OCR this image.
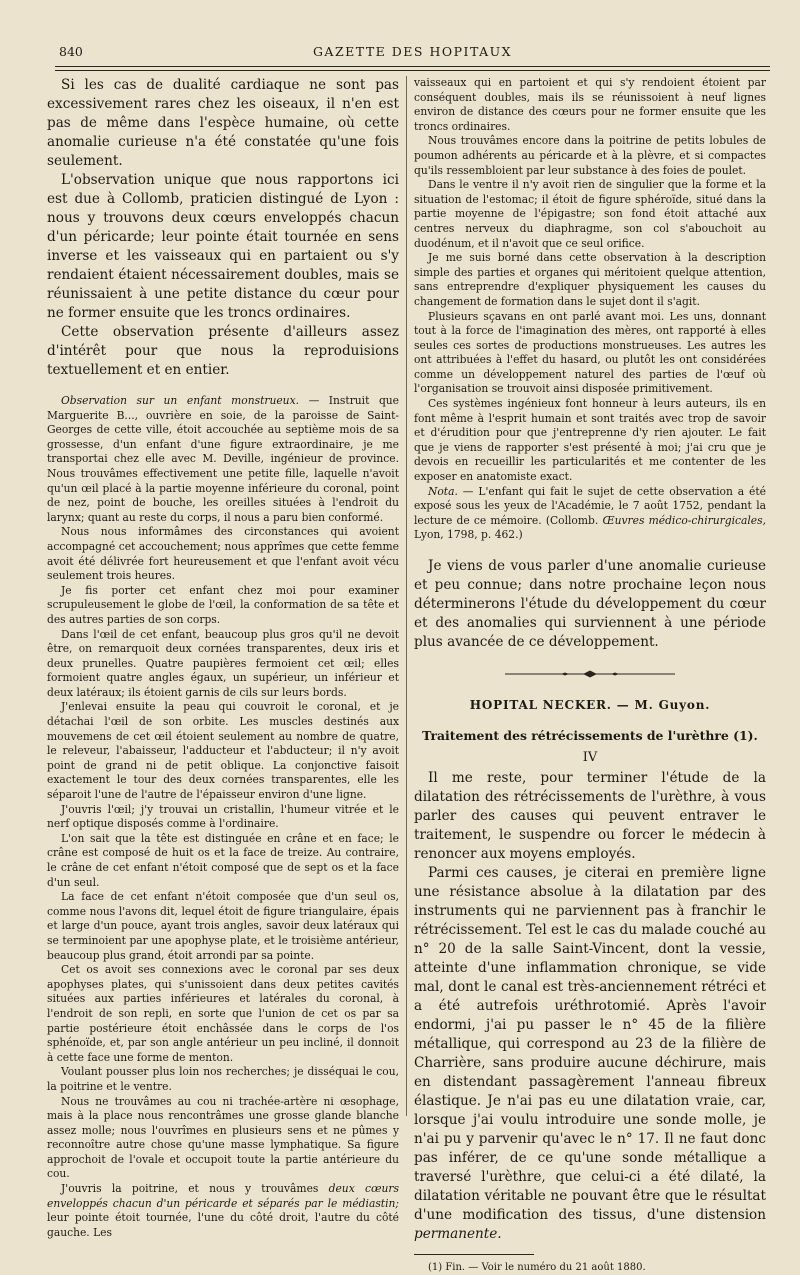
840	GAZETTE DES HOPITAUX

Si les cas de dualité cardiaque ne sont pas excessivement rares chez les oiseaux, il n'en est pas de même dans l'espèce humaine, où cette anomalie curieuse n'a été constatée qu'une fois seulement.

L'observation unique que nous rapportons ici est due à Collomb, praticien distingué de Lyon : nous y trouvons deux cœurs enveloppés chacun d'un péricarde; leur pointe était tournée en sens inverse et les vaisseaux qui en partaient ou s'y rendaient étaient nécessairement doubles, mais se réunissaient à une petite distance du cœur pour ne former ensuite que les troncs ordinaires.

Cette observation présente d'ailleurs assez d'intérêt pour que nous la reproduisions textuellement et en entier.

Observation sur un enfant monstrueux. — Instruit que Marguerite B..., ouvrière en soie, de la paroisse de Saint-Georges de cette ville, étoit accouchée au septième mois de sa grossesse, d'un enfant d'une figure extraordinaire, je me transportai chez elle avec M. Deville, ingénieur de province. Nous trouvâmes effectivement une petite fille, laquelle n'avoit qu'un œil placé à la partie moyenne inférieure du coronal, point de nez, point de bouche, les oreilles situées à l'endroit du larynx; quant au reste du corps, il nous a paru bien conformé.

Nous nous informâmes des circonstances qui avoient accompagné cet accouchement; nous apprîmes que cette femme avoit été délivrée fort heureusement et que l'enfant avoit vécu seulement trois heures.

Je fis porter cet enfant chez moi pour examiner scrupuleusement le globe de l'œil, la conformation de sa tête et des autres parties de son corps.

Dans l'œil de cet enfant, beaucoup plus gros qu'il ne devoit être, on remarquoit deux cornées transparentes, deux iris et deux prunelles. Quatre paupières fermoient cet œil; elles formoient quatre angles égaux, un supérieur, un inférieur et deux latéraux; ils étoient garnis de cils sur leurs bords.

J'enlevai ensuite la peau qui couvroit le coronal, et je détachai l'œil de son orbite. Les muscles destinés aux mouvemens de cet œil étoient seulement au nombre de quatre, le releveur, l'abaisseur, l'adducteur et l'abducteur; il n'y avoit point de grand ni de petit oblique. La conjonctive faisoit exactement le tour des deux cornées transparentes, elle les séparoit l'une de l'autre de l'épaisseur environ d'une ligne.

J'ouvris l'œil; j'y trouvai un cristallin, l'humeur vitrée et le nerf optique disposés comme à l'ordinaire.

L'on sait que la tête est distinguée en crâne et en face; le crâne est composé de huit os et la face de treize. Au contraire, le crâne de cet enfant n'étoit composé que de sept os et la face d'un seul.

La face de cet enfant n'étoit composée que d'un seul os, comme nous l'avons dit, lequel étoit de figure triangulaire, épais et large d'un pouce, ayant trois angles, savoir deux latéraux qui se terminoient par une apophyse plate, et le troisième antérieur, beaucoup plus grand, étoit arrondi par sa pointe.

Cet os avoit ses connexions avec le coronal par ses deux apophyses plates, qui s'unissoient dans deux petites cavités situées aux parties inférieures et latérales du coronal, à l'endroit de son repli, en sorte que l'union de cet os par sa partie postérieure étoit enchâssée dans le corps de l'os sphénoïde, et, par son angle antérieur un peu incliné, il donnoit à cette face une forme de menton.

Voulant pousser plus loin nos recherches; je disséquai le cou, la poitrine et le ventre.

Nous ne trouvâmes au cou ni trachée-artère ni œsophage, mais à la place nous rencontrâmes une grosse glande blanche assez molle; nous l'ouvrîmes en plusieurs sens et ne pûmes y reconnoître autre chose qu'une masse lymphatique. Sa figure approchoit de l'ovale et occupoit toute la partie antérieure du cou.

J'ouvris la poitrine, et nous y trouvâmes deux cœurs enveloppés chacun d'un péricarde et séparés par le médiastin; leur pointe étoit tournée, l'une du côté droit, l'autre du côté gauche. Les

vaisseaux qui en partoient et qui s'y rendoient étoient par conséquent doubles, mais ils se réunissoient à neuf lignes environ de distance des cœurs pour ne former ensuite que les troncs ordinaires.

Nous trouvâmes encore dans la poitrine de petits lobules de poumon adhérents au péricarde et à la plèvre, et si compactes qu'ils ressembloient par leur substance à des foies de poulet.

Dans le ventre il n'y avoit rien de singulier que la forme et la situation de l'estomac; il étoit de figure sphéroïde, situé dans la partie moyenne de l'épigastre; son fond étoit attaché aux centres nerveux du diaphragme, son col s'abouchoit au duodénum, et il n'avoit que ce seul orifice.

Je me suis borné dans cette observation à la description simple des parties et organes qui méritoient quelque attention, sans entreprendre d'expliquer physiquement les causes du changement de formation dans le sujet dont il s'agit.

Plusieurs sçavans en ont parlé avant moi. Les uns, donnant tout à la force de l'imagination des mères, ont rapporté à elles seules ces sortes de productions monstrueuses. Les autres les ont attribuées à l'effet du hasard, ou plutôt les ont considérées comme un développement naturel des parties de l'œuf où l'organisation se trouvoit ainsi disposée primitivement.

Ces systèmes ingénieux font honneur à leurs auteurs, ils en font même à l'esprit humain et sont traités avec trop de savoir et d'érudition pour que j'entreprenne d'y rien ajouter. Le fait que je viens de rapporter s'est présenté à moi; j'ai cru que je devois en recueillir les particularités et me contenter de les exposer en anatomiste exact.

Nota. — L'enfant qui fait le sujet de cette observation a été exposé sous les yeux de l'Académie, le 7 août 1752, pendant la lecture de ce mémoire. (Collomb. Œuvres médico-chirurgicales, Lyon, 1798, p. 462.)

Je viens de vous parler d'une anomalie curieuse et peu connue; dans notre prochaine leçon nous déterminerons l'étude du développement du cœur et des anomalies qui surviennent à une période plus avancée de ce développement.

HOPITAL NECKER. — M. Guyon.
Traitement des rétrécissements de l'urèthre (1).
IV

Il me reste, pour terminer l'étude de la dilatation des rétrécissements de l'urèthre, à vous parler des causes qui peuvent entraver le traitement, le suspendre ou forcer le médecin à renoncer aux moyens employés.

Parmi ces causes, je citerai en première ligne une résistance absolue à la dilatation par des instruments qui ne parviennent pas à franchir le rétrécissement. Tel est le cas du malade couché au n° 20 de la salle Saint-Vincent, dont la vessie, atteinte d'une inflammation chronique, se vide mal, dont le canal est très-anciennement rétréci et a été autrefois uréthrotomié. Après l'avoir endormi, j'ai pu passer le n° 45 de la filière métallique, qui correspond au 23 de la filière de Charrière, sans produire aucune déchirure, mais en distendant passagèrement l'anneau fibreux élastique. Je n'ai pas eu une dilatation vraie, car, lorsque j'ai voulu introduire une sonde molle, je n'ai pu y parvenir qu'avec le n° 17. Il ne faut donc pas inférer, de ce qu'une sonde métallique a traversé l'urèthre, que celui-ci a été dilaté, la dilatation véritable ne pouvant être que le résultat d'une modification des tissus, d'une distension permanente.

(1) Fin. — Voir le numéro du 21 août 1880.
